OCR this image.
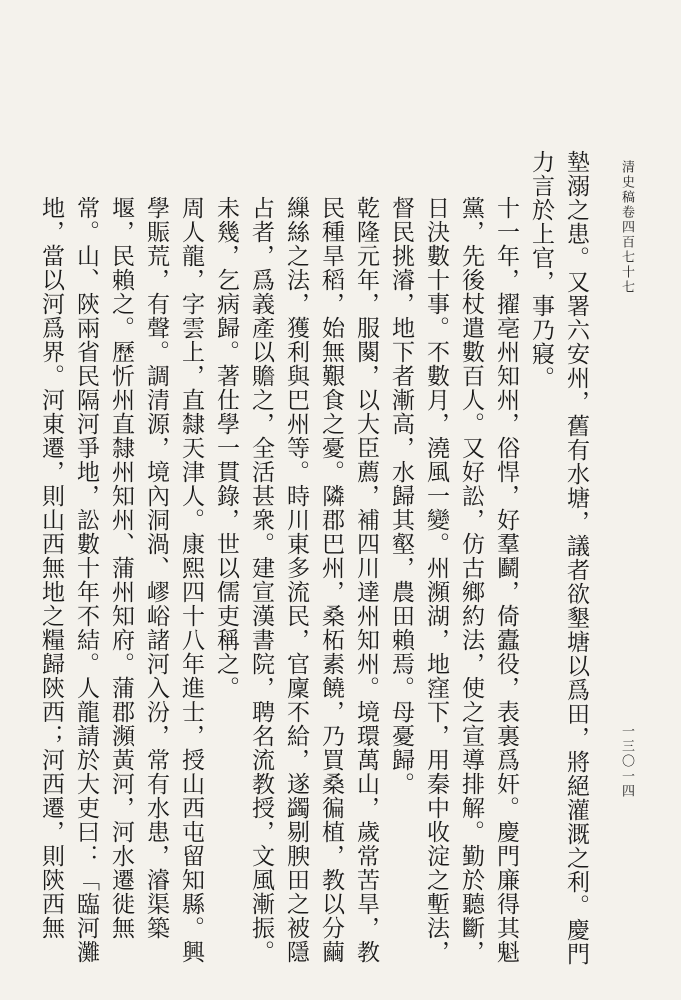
清史稿卷四百七十七
一三〇一四

墊溺之患。又署六安州，舊有水塘，議者欲墾塘以爲田，將絕灌溉之利。慶門力言於上官，事乃寢。

十一年，擢亳州知州，俗悍，好羣鬬，倚蠹役，表裏爲奸。慶門廉得其魁黨，先後杖遣數百人。又好訟，仿古鄉約法，使之宣導排解。勤於聽斷，日決數十事。不數月，澆風一變。州瀕湖，地窪下，用秦中收淀之塹法，督民挑濬，地下者漸高，水歸其壑，農田賴焉。母憂歸。

乾隆元年，服闋，以大臣薦，補四川達州知州。境環萬山，歲常苦旱，教民種旱稻，始無艱食之憂。隣郡巴州，桑柘素饒，乃買桑徧植，教以分繭繅絲之法，獲利與巴州等。時川東多流民，官廩不給，遂蠲剔腴田之被隱占者，爲義產以贍之，全活甚衆。建宣漢書院，聘名流教授，文風漸振。未幾，乞病歸。著仕學一貫錄，世以儒吏稱之。

周人龍，字雲上，直隸天津人。康熙四十八年進士，授山西屯留知縣。興學賑荒，有聲。調清源，境內洞渦、嵺峪諸河入汾，常有水患，濬渠築堰，民賴之。歷忻州直隸州知州、蒲州知府。蒲郡瀕黃河，河水遷徙無常。山、陝兩省民隔河爭地，訟數十年不結。人龍請於大吏曰：「臨河灘地，當以河爲界。河東遷，則山西無地之糧歸陝西；河西遷，則陝西無
